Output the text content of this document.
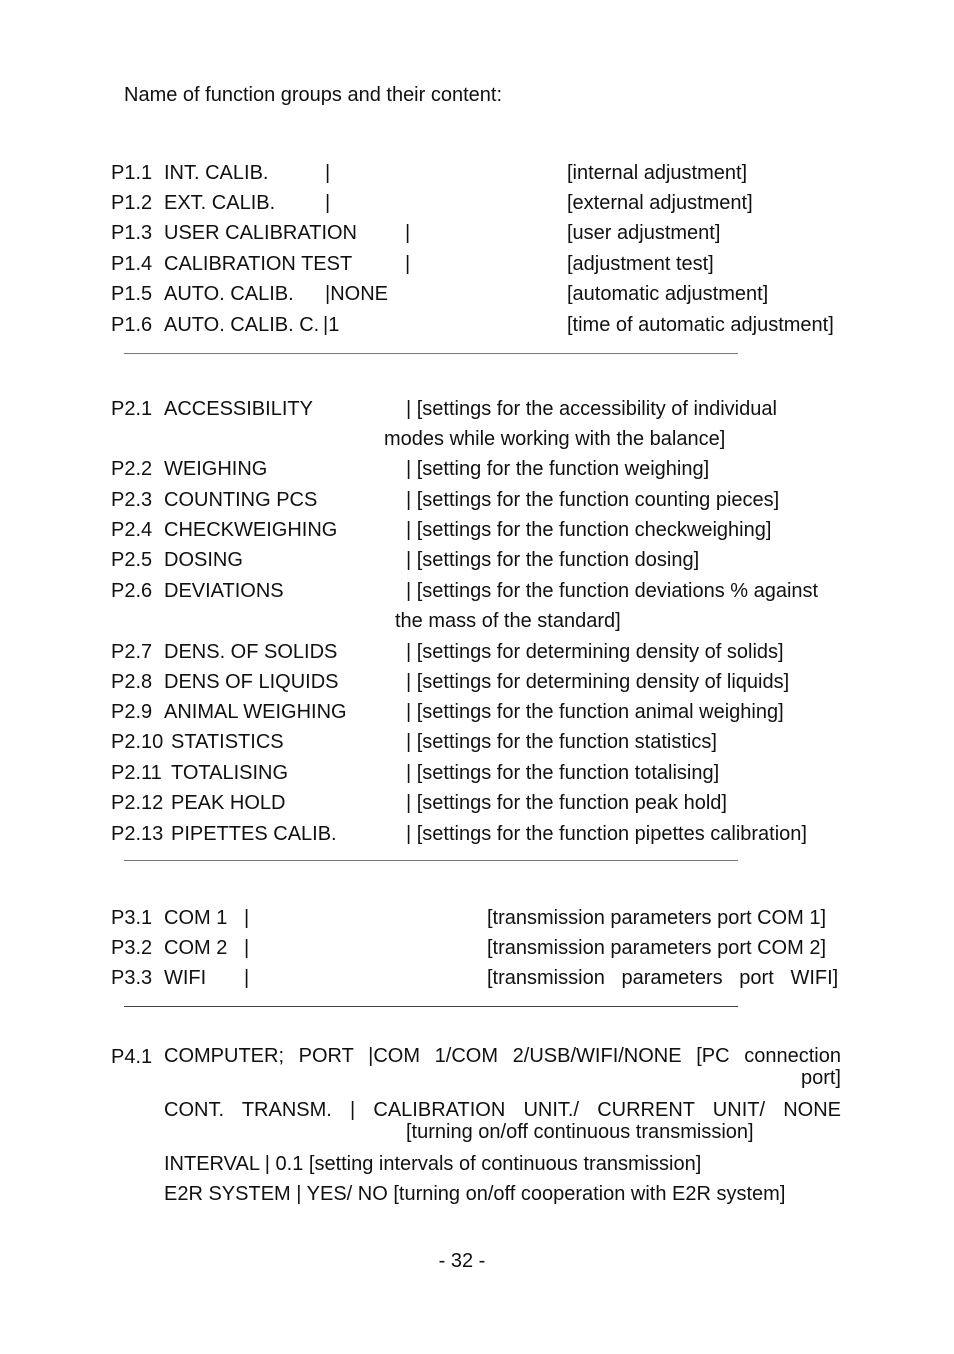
Name of function groups and their content:
P1.1 INT. CALIB.	|	[internal adjustment]
P1.2 EXT. CALIB. |	[external adjustment]
P1.3 USER CALIBRATION |	[user adjustment]
P1.4 CALIBRATION TEST	|	[adjustment test]
P1.5 AUTO. CALIB. |NONE	[automatic adjustment]
P1.6 AUTO. CALIB. C. |1	[time of automatic adjustment]
P2.1 ACCESSIBILITY	| [settings for the accessibility of individual
modes while working with the balance]
P2.2 WEIGHING	| [setting for the function weighing]
P2.3 COUNTING PCS	| [settings for the function counting pieces]
P2.4 CHECKWEIGHING	| [settings for the function checkweighing]
P2.5 DOSING	| [settings for the function dosing]
P2.6 DEVIATIONS	| [settings for the function deviations % against
the mass of the standard]
P2.7 DENS. OF SOLIDS	| [settings for determining density of solids]
P2.8 DENS OF LIQUIDS	| [settings for determining density of liquids]
P2.9 ANIMAL WEIGHING	| [settings for the function animal weighing]
P2.10 STATISTICS	| [settings for the function statistics]
P2.11 TOTALISING	| [settings for the function totalising]
P2.12 PEAK HOLD	| [settings for the function peak hold]
P2.13 PIPETTES CALIB.	| [settings for the function pipettes calibration]
P3.1 COM 1 |	[transmission parameters port COM 1]
P3.2 COM 2 |	[transmission parameters port COM 2]
P3.3 WIFI |	[transmission   parameters   port   WIFI]
P4.1 COMPUTER; PORT |COM 1/COM 2/USB/WIFI/NONE [PC connection
port]
CONT. TRANSM. | CALIBRATION UNIT./ CURRENT UNIT/ NONE
[turning on/off continuous transmission]
INTERVAL | 0.1 [setting intervals of continuous transmission]
E2R SYSTEM | YES/ NO [turning on/off cooperation with E2R system]
- 32 -
